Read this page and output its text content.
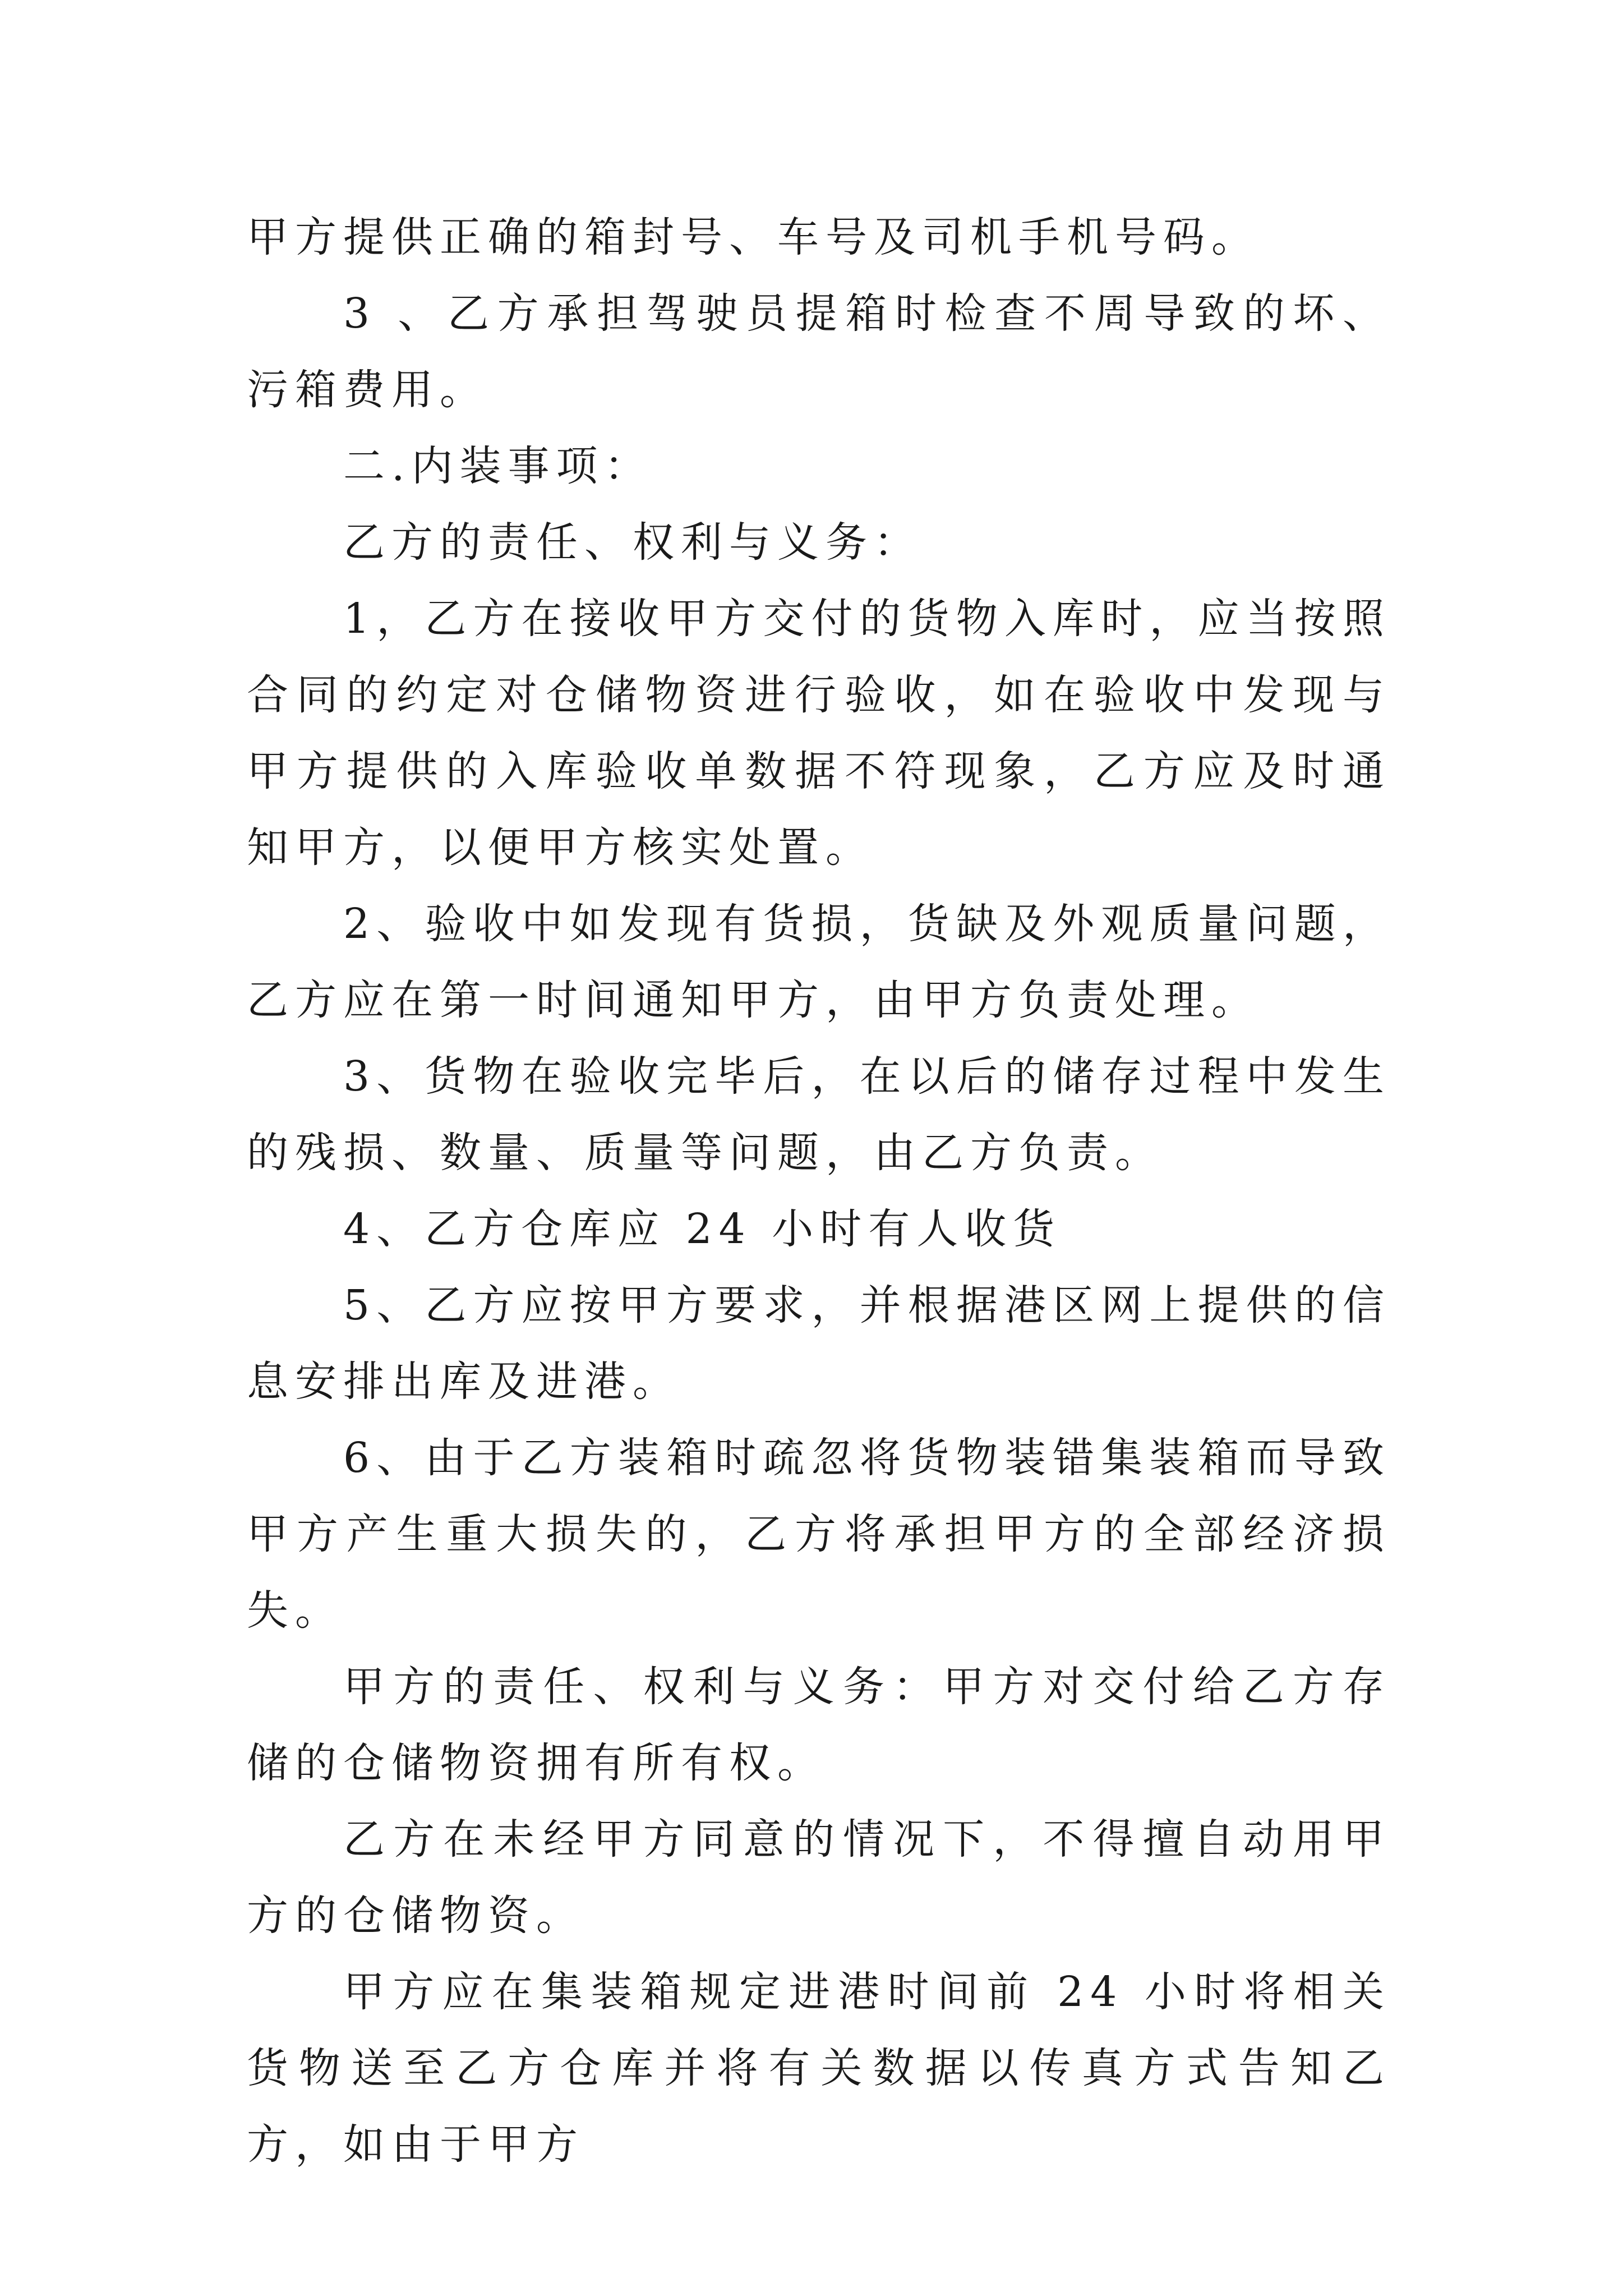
甲方提供正确的箱封号、车号及司机手机号码。

3 、乙方承担驾驶员提箱时检查不周导致的坏、污箱费用。

二.内装事项：

乙方的责任、权利与义务：

1，乙方在接收甲方交付的货物入库时，应当按照合同的约定对仓储物资进行验收，如在验收中发现与甲方提供的入库验收单数据不符现象，乙方应及时通知甲方，以便甲方核实处置。

2、验收中如发现有货损，货缺及外观质量问题，乙方应在第一时间通知甲方，由甲方负责处理。

3、货物在验收完毕后，在以后的储存过程中发生的残损、数量、质量等问题，由乙方负责。

4、乙方仓库应 24 小时有人收货

5、乙方应按甲方要求，并根据港区网上提供的信息安排出库及进港。

6、由于乙方装箱时疏忽将货物装错集装箱而导致甲方产生重大损失的，乙方将承担甲方的全部经济损失。

甲方的责任、权利与义务：甲方对交付给乙方存储的仓储物资拥有所有权。

乙方在未经甲方同意的情况下，不得擅自动用甲方的仓储物资。

甲方应在集装箱规定进港时间前 24 小时将相关货物送至乙方仓库并将有关数据以传真方式告知乙方，如由于甲方
